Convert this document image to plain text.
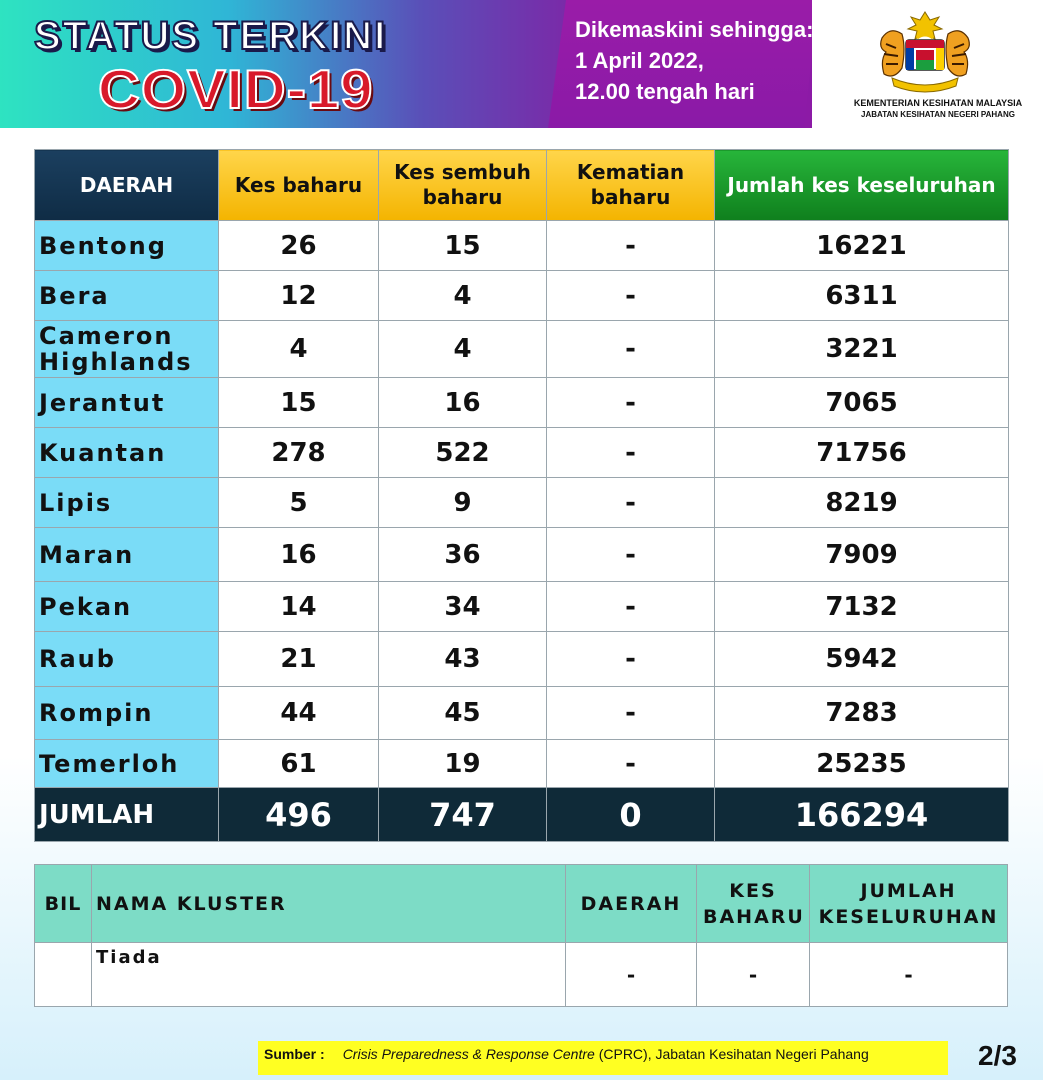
STATUS TERKINI
COVID-19
Dikemaskini sehingga:
1 April 2022,
12.00 tengah hari	KEMENTERIAN KESIHATAN MALAYSIA
JABATAN KESIHATAN NEGERI PAHANG
DAERAH	Kes baharu	Kes sembuh baharu	Kematian baharu	Jumlah kes keseluruhan
Bentong	26	15	-	16221
Bera	12	4	-	6311
Cameron Highlands	4	4	-	3221
Jerantut	15	16	-	7065
Kuantan	278	522	-	71756
Lipis	5	9	-	8219
Maran	16	36	-	7909
Pekan	14	34	-	7132
Raub	21	43	-	5942
Rompin	44	45	-	7283
Temerloh	61	19	-	25235
JUMLAH	496	747	0	166294
BIL	NAMA KLUSTER	DAERAH	KES BAHARU	JUMLAH KESELURUHAN
	Tiada	-	-	-
Sumber : Crisis Preparedness & Response Centre (CPRC), Jabatan Kesihatan Negeri Pahang	2/3
